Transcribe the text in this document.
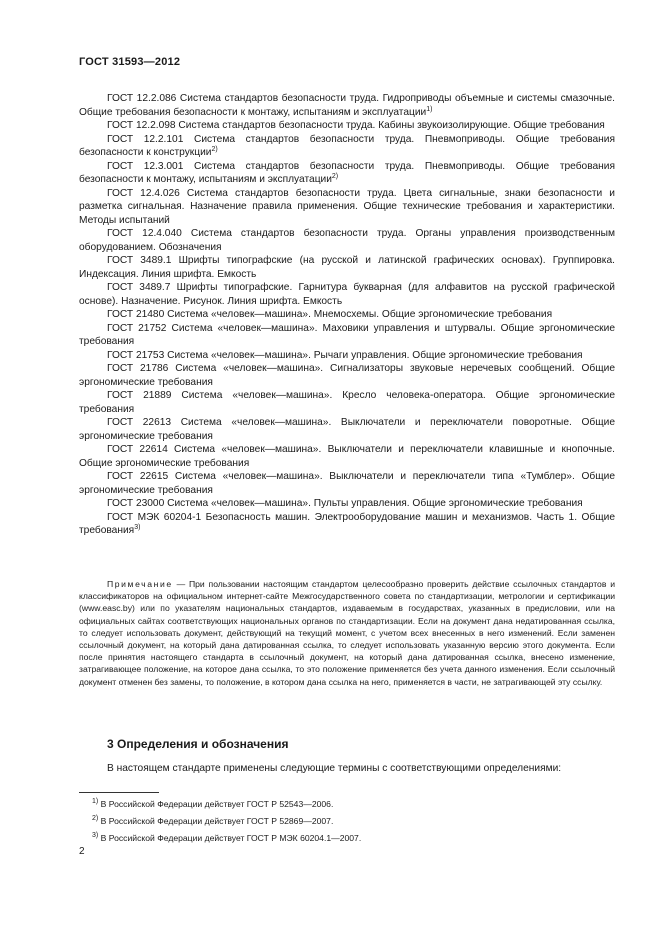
ГОСТ 31593—2012

ГОСТ 12.2.086 Система стандартов безопасности труда. Гидроприводы объемные и системы смазочные. Общие требования безопасности к монтажу, испытаниям и эксплуатации$^{1)}$

ГОСТ 12.2.098 Система стандартов безопасности труда. Кабины звукоизолирующие. Общие требования

ГОСТ 12.2.101 Система стандартов безопасности труда. Пневмоприводы. Общие требования безопасности к конструкции$^{2)}$

ГОСТ 12.3.001 Система стандартов безопасности труда. Пневмоприводы. Общие требования безопасности к монтажу, испытаниям и эксплуатации$^{2)}$

ГОСТ 12.4.026 Система стандартов безопасности труда. Цвета сигнальные, знаки безопасности и разметка сигнальная. Назначение правила применения. Общие технические требования и характеристики. Методы испытаний

ГОСТ 12.4.040 Система стандартов безопасности труда. Органы управления производственным оборудованием. Обозначения

ГОСТ 3489.1 Шрифты типографские (на русской и латинской графических основах). Группировка. Индексация. Линия шрифта. Емкость

ГОСТ 3489.7 Шрифты типографские. Гарнитура букварная (для алфавитов на русской графической основе). Назначение. Рисунок. Линия шрифта. Емкость

ГОСТ 21480 Система «человек—машина». Мнемосхемы. Общие эргономические требования

ГОСТ 21752 Система «человек—машина». Маховики управления и штурвалы. Общие эргономические требования

ГОСТ 21753 Система «человек—машина». Рычаги управления. Общие эргономические требования

ГОСТ 21786 Система «человек—машина». Сигнализаторы звуковые неречевых сообщений. Общие эргономические требования

ГОСТ 21889 Система «человек—машина». Кресло человека-оператора. Общие эргономические требования

ГОСТ 22613 Система «человек—машина». Выключатели и переключатели поворотные. Общие эргономические требования

ГОСТ 22614 Система «человек—машина». Выключатели и переключатели клавишные и кнопочные. Общие эргономические требования

ГОСТ 22615 Система «человек—машина». Выключатели и переключатели типа «Тумблер». Общие эргономические требования

ГОСТ 23000 Система «человек—машина». Пульты управления. Общие эргономические требования

ГОСТ МЭК 60204-1 Безопасность машин. Электрооборудование машин и механизмов. Часть 1. Общие требования$^{3)}$

Примечание — При пользовании настоящим стандартом целесообразно проверить действие ссылочных стандартов и классификаторов на официальном интернет-сайте Межгосударственного совета по стандартизации, метрологии и сертификации (www.easc.by) или по указателям национальных стандартов, издаваемым в государствах, указанных в предисловии, или на официальных сайтах соответствующих национальных органов по стандартизации. Если на документ дана недатированная ссылка, то следует использовать документ, действующий на текущий момент, с учетом всех внесенных в него изменений. Если заменен ссылочный документ, на который дана датированная ссылка, то следует использовать указанную версию этого документа. Если после принятия настоящего стандарта в ссылочный документ, на который дана датированная ссылка, внесено изменение, затрагивающее положение, на которое дана ссылка, то это положение применяется без учета данного изменения. Если ссылочный документ отменен без замены, то положение, в котором дана ссылка на него, применяется в части, не затрагивающей эту ссылку.

3 Определения и обозначения
В настоящем стандарте применены следующие термины с соответствующими определениями:
$^{1)}$ В Российской Федерации действует ГОСТ Р 52543—2006.
$^{2)}$ В Российской Федерации действует ГОСТ Р 52869—2007.
$^{3)}$ В Российской Федерации действует ГОСТ Р МЭК 60204.1—2007.
2
